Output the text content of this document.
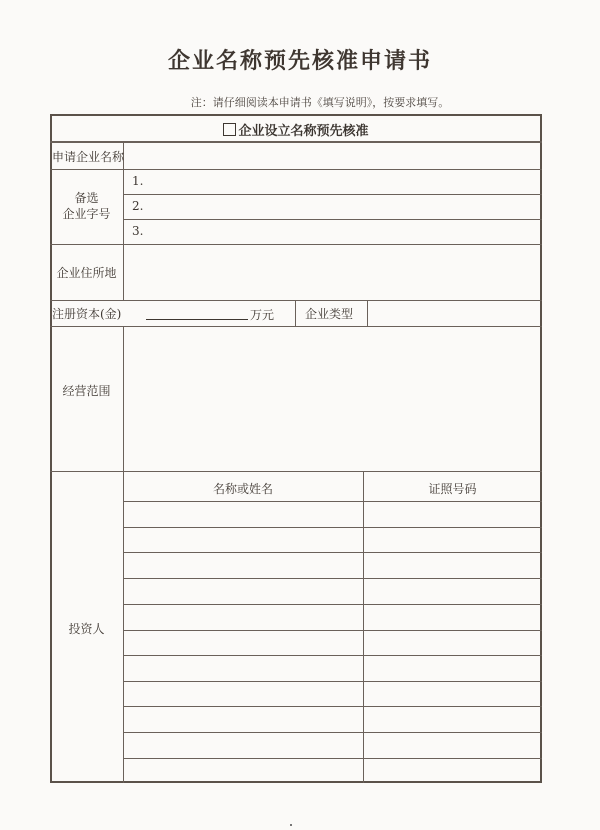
企业名称预先核准申请书
注：请仔细阅读本申请书《填写说明》，按要求填写。
企业设立名称预先核准
申请企业名称
备选
企业字号
1.
2.
3.
企业住所地
注册资本(金)	万元	企业类型
经营范围
名称或姓名	证照号码
投资人
